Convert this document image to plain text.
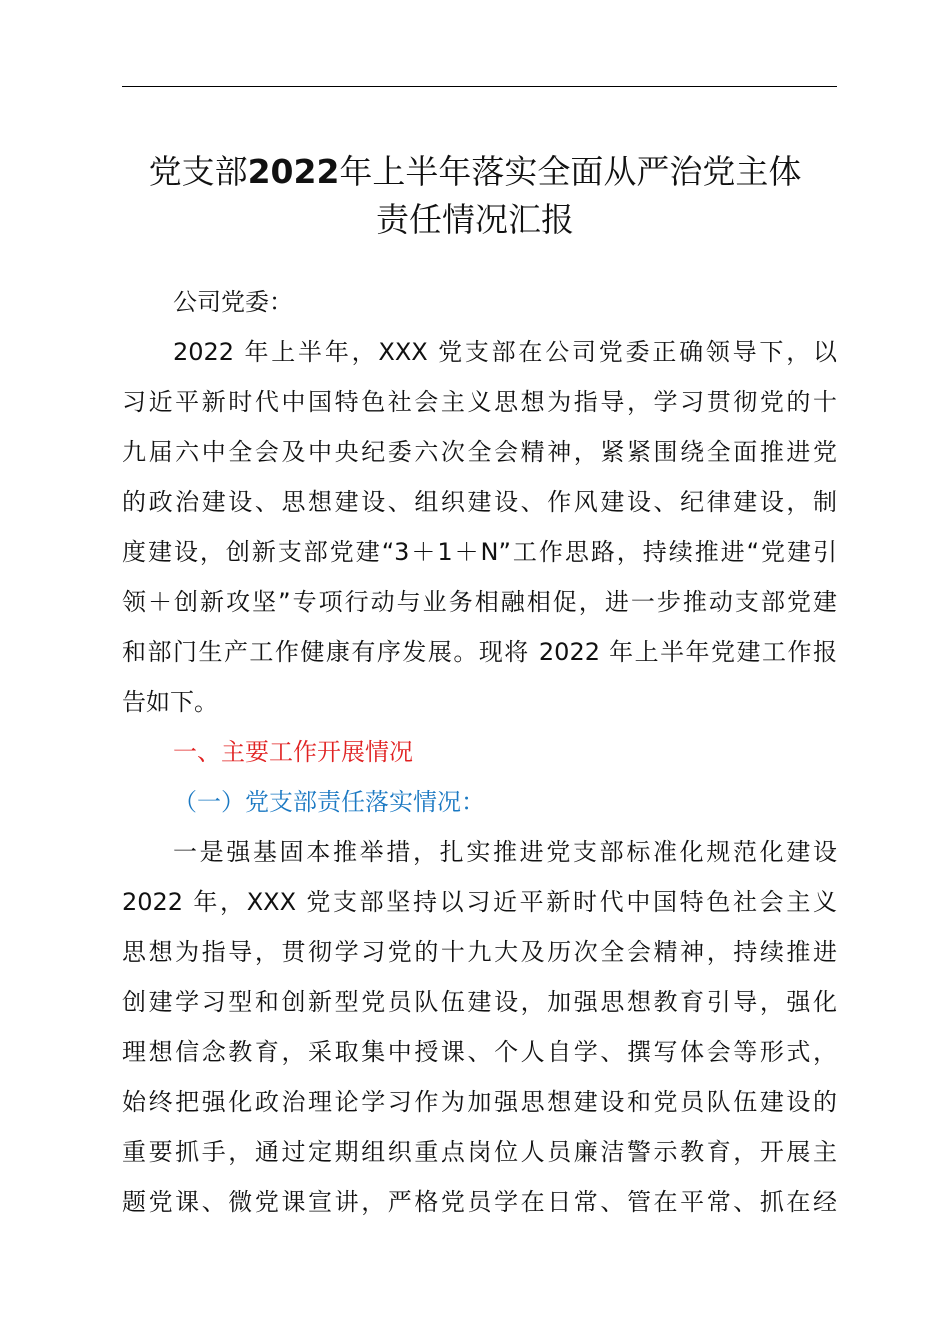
党支部2022年上半年落实全面从严治党主体
责任情况汇报
公司党委：
2022 年上半年，XXX 党支部在公司党委正确领导下，以
习近平新时代中国特色社会主义思想为指导，学习贯彻党的十
九届六中全会及中央纪委六次全会精神，紧紧围绕全面推进党
的政治建设、思想建设、组织建设、作风建设、纪律建设，制
度建设，创新支部党建“3＋1＋N”工作思路，持续推进“党建引
领＋创新攻坚”专项行动与业务相融相促，进一步推动支部党建
和部门生产工作健康有序发展。现将 2022 年上半年党建工作报
告如下。
一、主要工作开展情况
（一）党支部责任落实情况：
一是强基固本推举措，扎实推进党支部标准化规范化建设
2022 年，XXX 党支部坚持以习近平新时代中国特色社会主义
思想为指导，贯彻学习党的十九大及历次全会精神，持续推进
创建学习型和创新型党员队伍建设，加强思想教育引导，强化
理想信念教育，采取集中授课、个人自学、撰写体会等形式，
始终把强化政治理论学习作为加强思想建设和党员队伍建设的
重要抓手，通过定期组织重点岗位人员廉洁警示教育，开展主
题党课、微党课宣讲，严格党员学在日常、管在平常、抓在经
